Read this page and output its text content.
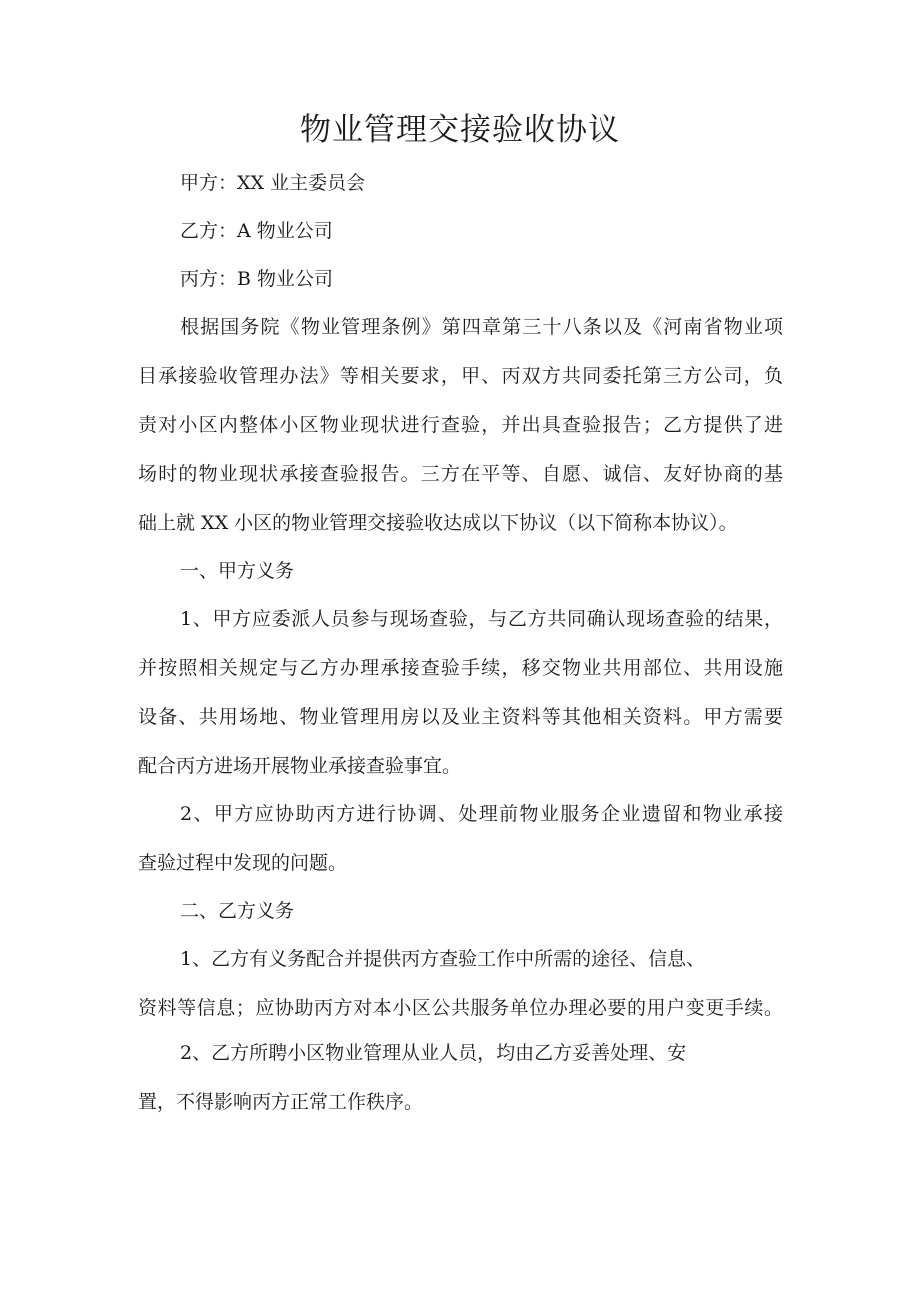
物业管理交接验收协议
甲方：XX 业主委员会
乙方：A 物业公司
丙方：B 物业公司
根据国务院《物业管理条例》第四章第三十八条以及《河南省物业项
目承接验收管理办法》等相关要求，甲、丙双方共同委托第三方公司，负
责对小区内整体小区物业现状进行查验，并出具查验报告；乙方提供了进
场时的物业现状承接查验报告。三方在平等、自愿、诚信、友好协商的基
础上就 XX 小区的物业管理交接验收达成以下协议（以下简称本协议）。
一、甲方义务
1、甲方应委派人员参与现场查验，与乙方共同确认现场查验的结果，
并按照相关规定与乙方办理承接查验手续，移交物业共用部位、共用设施
设备、共用场地、物业管理用房以及业主资料等其他相关资料。甲方需要
配合丙方进场开展物业承接查验事宜。
2、甲方应协助丙方进行协调、处理前物业服务企业遗留和物业承接
查验过程中发现的问题。
二、乙方义务
1、乙方有义务配合并提供丙方查验工作中所需的途径、信息、
资料等信息；应协助丙方对本小区公共服务单位办理必要的用户变更手续。
2、乙方所聘小区物业管理从业人员，均由乙方妥善处理、安
置，不得影响丙方正常工作秩序。
